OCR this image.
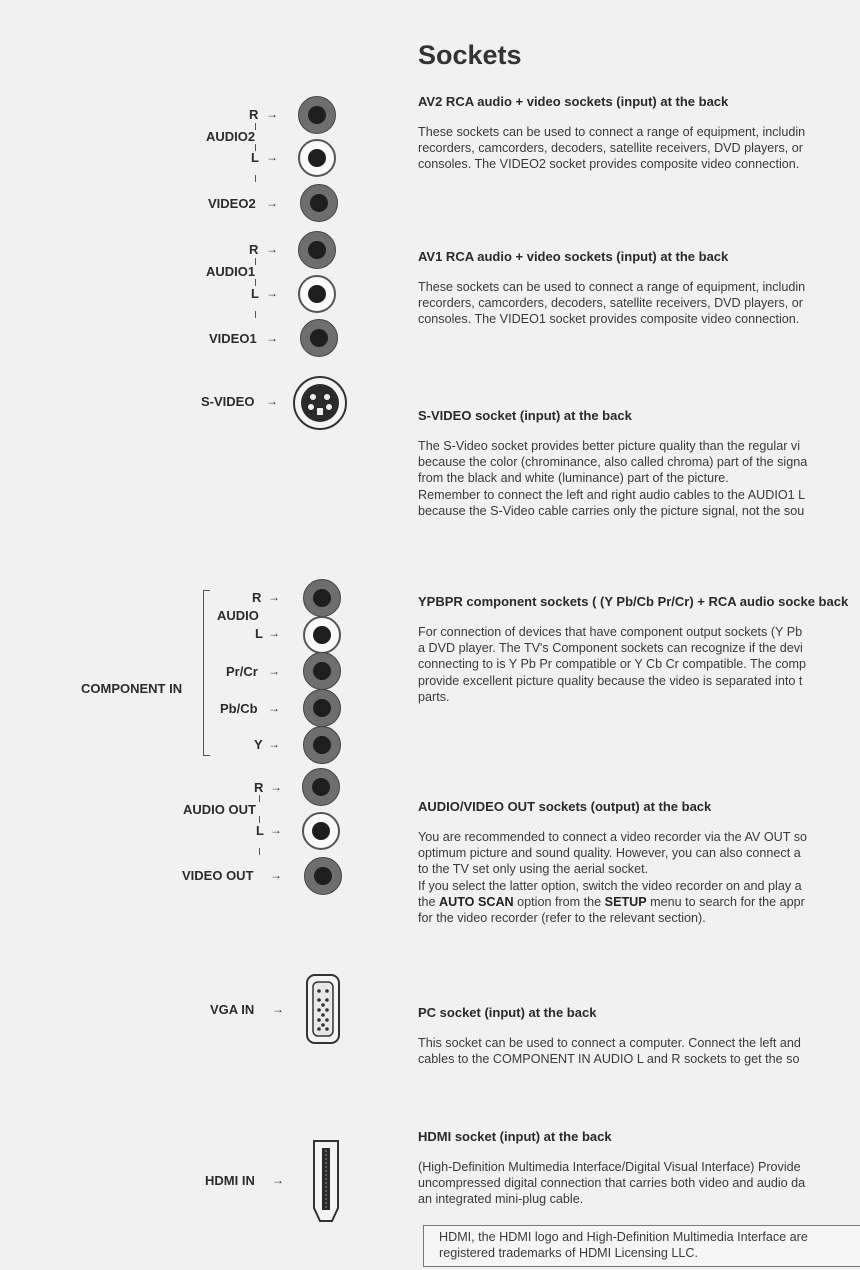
Sockets
R →
AUDIO2
L →
VIDEO2 →
R →
AUDIO1
L →
VIDEO1 →
S-VIDEO →
COMPONENT IN
R →
AUDIO
L →
Pr/Cr →
Pb/Cb →
Y →
R →
AUDIO OUT
L →
VIDEO OUT →
VGA IN →
HDMI IN →
AV2 RCA audio + video sockets (input) at the back

These sockets can be used to connect a range of equipment, includin
recorders, camcorders, decoders, satellite receivers, DVD players, or
consoles. The VIDEO2 socket provides composite video connection.

AV1 RCA audio + video sockets (input) at the back

These sockets can be used to connect a range of equipment, includin
recorders, camcorders, decoders, satellite receivers, DVD players, or
consoles. The VIDEO1 socket provides composite video connection.

S-VIDEO socket (input) at the back

The S-Video socket provides better picture quality than the regular vi
because the color (chrominance, also called chroma) part of the signa
from the black and white (luminance) part of the picture.
Remember to connect the left and right audio cables to the AUDIO1 L
because the S-Video cable carries only the picture signal, not the sou

YPBPR component sockets ( (Y Pb/Cb Pr/Cr) + RCA audio socke back

For connection of devices that have component output sockets (Y Pb
a DVD player. The TV's Component sockets can recognize if the devi
connecting to is Y Pb Pr compatible or Y Cb Cr compatible. The comp
provide excellent picture quality because the video is separated into t
parts.

AUDIO/VIDEO OUT sockets (output) at the back

You are recommended to connect a video recorder via the AV OUT so
optimum picture and sound quality. However, you can also connect a
to the TV set only using the aerial socket.
If you select the latter option, switch the video recorder on and play a
the AUTO SCAN option from the SETUP menu to search for the appr
for the video recorder (refer to the relevant section).

PC socket (input) at the back

This socket can be used to connect a computer. Connect the left and
cables to the COMPONENT IN AUDIO L and R sockets to get the so

HDMI socket (input) at the back

(High-Definition Multimedia Interface/Digital Visual Interface) Provide
uncompressed digital connection that carries both video and audio da
an integrated mini-plug cable.

HDMI, the HDMI logo and High-Definition Multimedia Interface are
registered trademarks of HDMI Licensing LLC.
